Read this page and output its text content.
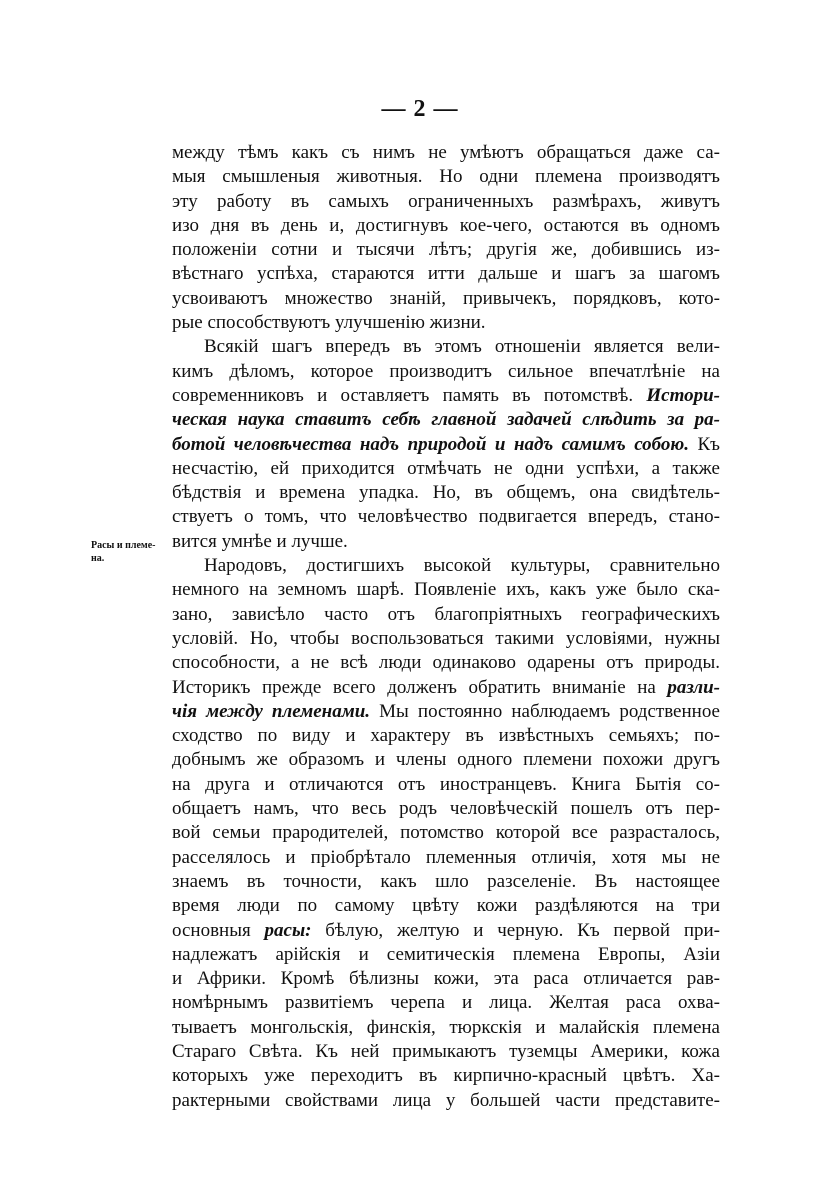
— 2 —
Расы и племе-
на.
между тѣмъ какъ съ нимъ не умѣютъ обращаться даже са-
мыя смышленыя животныя. Но одни племена производятъ
эту работу въ самыхъ ограниченныхъ размѣрахъ, живутъ
изо дня въ день и, достигнувъ кое-чего, остаются въ одномъ
положеніи сотни и тысячи лѣтъ; другія же, добившись из-
вѣстнаго успѣха, стараются итти дальше и шагъ за шагомъ
усвоиваютъ множество знаній, привычекъ, порядковъ, кото-
рые способствуютъ улучшенію жизни.
Всякій шагъ впередъ въ этомъ отношеніи является вели-
кимъ дѣломъ, которое производитъ сильное впечатлѣніе на
современниковъ и оставляетъ память въ потомствѣ. Истори-
ческая наука ставитъ себѣ главной задачей слѣдить за ра-
ботой человѣчества надъ природой и надъ самимъ собою. Къ
несчастію, ей приходится отмѣчать не одни успѣхи, а также
бѣдствія и времена упадка. Но, въ общемъ, она свидѣтель-
ствуетъ о томъ, что человѣчество подвигается впередъ, стано-
вится умнѣе и лучше.
Народовъ, достигшихъ высокой культуры, сравнительно
немного на земномъ шарѣ. Появленіе ихъ, какъ уже было ска-
зано, зависѣло часто отъ благопріятныхъ географическихъ
условій. Но, чтобы воспользоваться такими условіями, нужны
способности, а не всѣ люди одинаково одарены отъ природы.
Историкъ прежде всего долженъ обратить вниманіе на разли-
чія между племенами. Мы постоянно наблюдаемъ родственное
сходство по виду и характеру въ извѣстныхъ семьяхъ; по-
добнымъ же образомъ и члены одного племени похожи другъ
на друга и отличаются отъ иностранцевъ. Книга Бытія со-
общаетъ намъ, что весь родъ человѣческій пошелъ отъ пер-
вой семьи прародителей, потомство которой все разрасталось,
расселялось и пріобрѣтало племенныя отличія, хотя мы не
знаемъ въ точности, какъ шло разселеніе. Въ настоящее
время люди по самому цвѣту кожи раздѣляются на три
основныя расы: бѣлую, желтую и черную. Къ первой при-
надлежатъ арійскія и семитическія племена Европы, Азіи
и Африки. Кромѣ бѣлизны кожи, эта раса отличается рав-
номѣрнымъ развитіемъ черепа и лица. Желтая раса охва-
тываетъ монгольскія, финскія, тюркскія и малайскія племена
Стараго Свѣта. Къ ней примыкаютъ туземцы Америки, кожа
которыхъ уже переходитъ въ кирпично-красный цвѣтъ. Ха-
рактерными свойствами лица у большей части представите-
